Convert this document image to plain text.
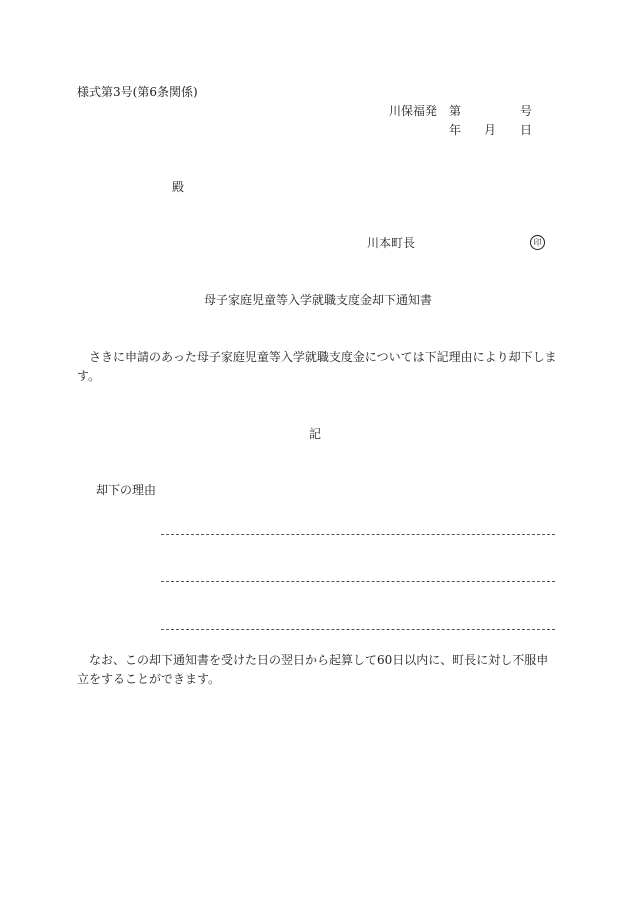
様式第3号(第6条関係)
川保福発 第	号
年 月 日
殿
川本町長	印
母子家庭児童等入学就職支度金却下通知書
さきに申請のあった母子家庭児童等入学就職支度金については下記理由により却下します。
記
却下の理由
なお、この却下通知書を受けた日の翌日から起算して60日以内に、町長に対し不服申立をすることができます。
